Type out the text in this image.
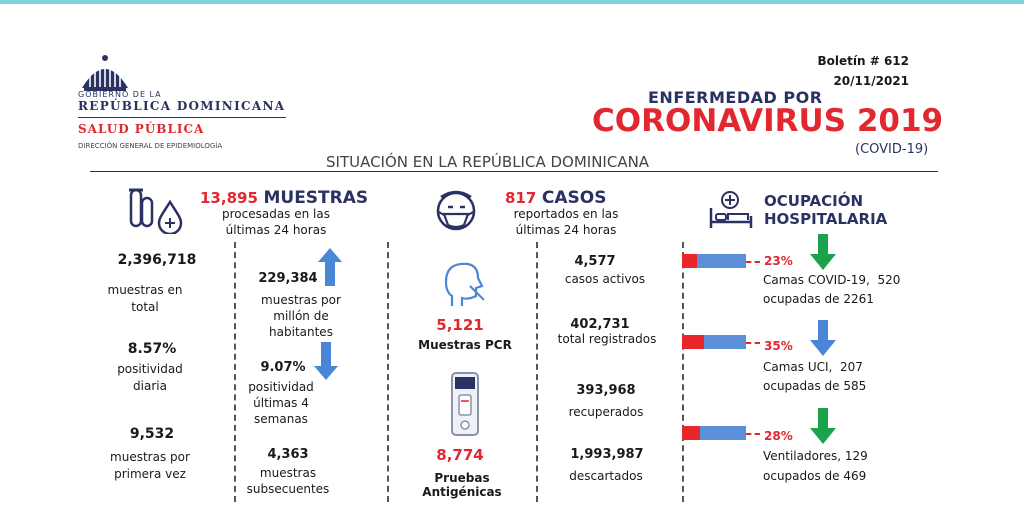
GOBIERNO DE LA
REPÚBLICA DOMINICANA
SALUD PÚBLICA
DIRECCIÓN GENERAL DE EPIDEMIOLOGÍA
Boletín # 612
20/11/2021
ENFERMEDAD POR
CORONAVIRUS 2019
(COVID-19)
SITUACIÓN EN LA REPÚBLICA DOMINICANA
13,895 MUESTRAS
procesadas en las últimas 24 horas
2,396,718
muestras en total
8.57%
positividad diaria
9,532
muestras por primera vez
229,384
muestras por millón de habitantes
9.07%
positividad últimas 4 semanas
4,363
muestras subsecuentes
817 CASOS
reportados en las últimas 24 horas
5,121
Muestras PCR
8,774
Pruebas Antigénicas
4,577
casos activos
402,731
total registrados
393,968
recuperados
1,993,987
descartados
OCUPACIÓN
HOSPITALARIA
23%
Camas COVID-19,  520
ocupadas de 2261
35%
Camas UCI,  207
ocupadas de 585
28%
Ventiladores, 129
ocupados de 469
